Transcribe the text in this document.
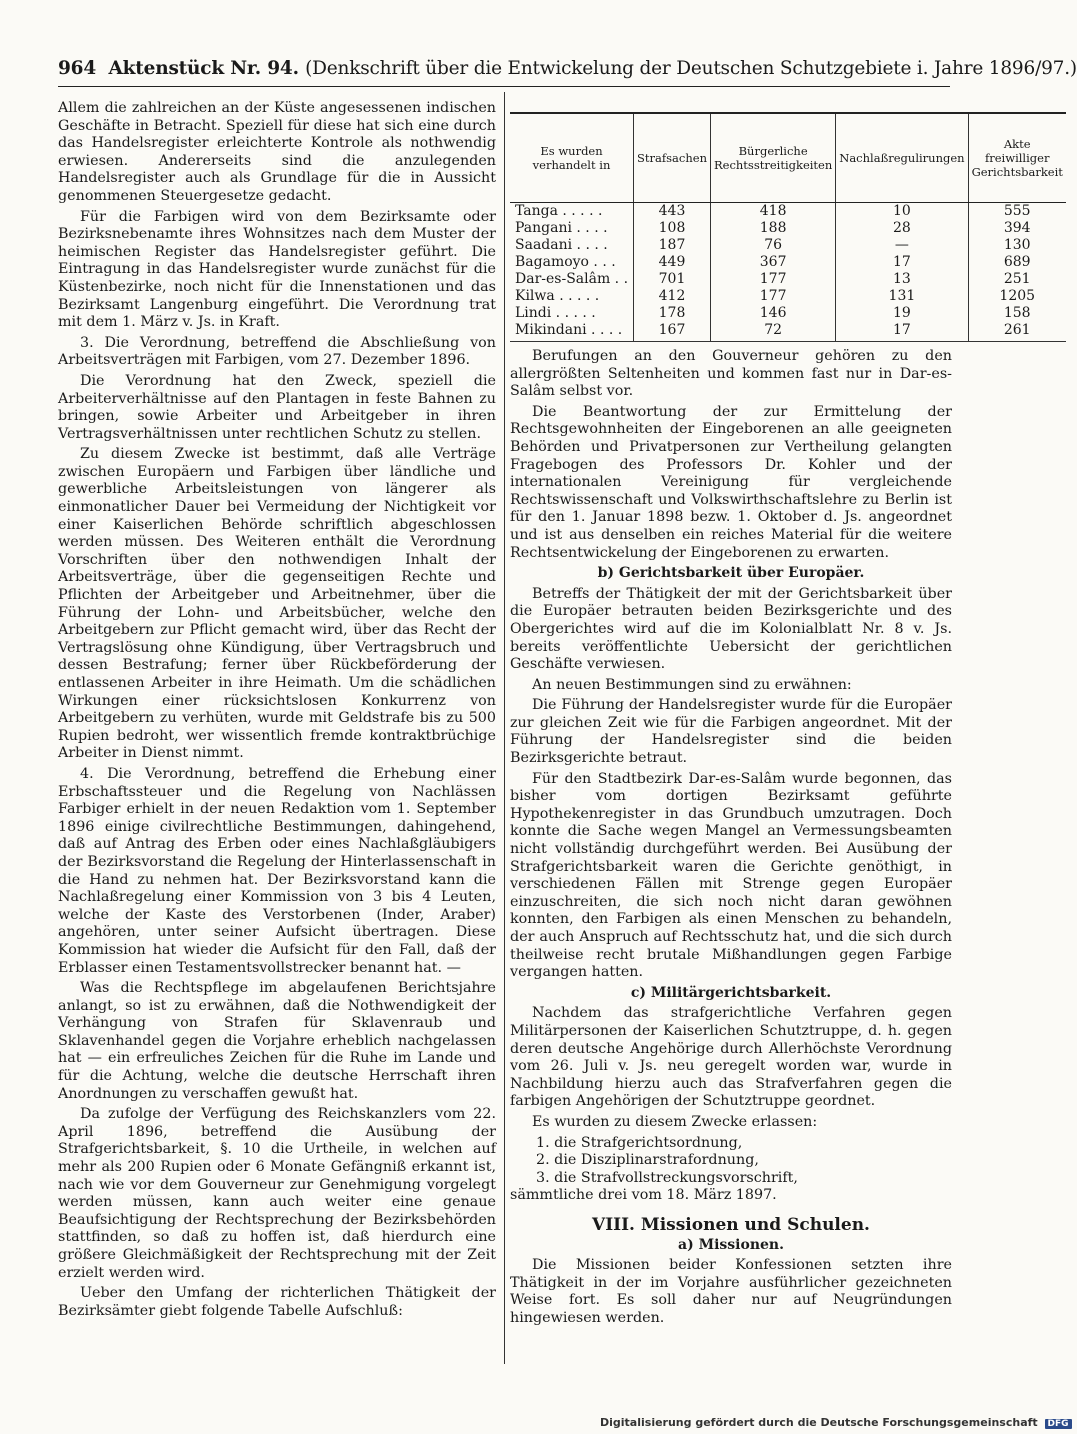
964 Aktenstück Nr. 94. (Denkschrift über die Entwickelung der Deutschen Schutzgebiete i. Jahre 1896/97.)

Allem die zahlreichen an der Küste angesessenen indischen Geschäfte in Betracht. Speziell für diese hat sich eine durch das Handelsregister erleichterte Kontrole als nothwendig erwiesen. Andererseits sind die anzulegenden Handelsregister auch als Grundlage für die in Aussicht genommenen Steuergesetze gedacht.

Für die Farbigen wird von dem Bezirksamte oder Bezirksnebenamte ihres Wohnsitzes nach dem Muster der heimischen Register das Handelsregister geführt. Die Eintragung in das Handelsregister wurde zunächst für die Küstenbezirke, noch nicht für die Innenstationen und das Bezirksamt Langenburg eingeführt. Die Verordnung trat mit dem 1. März v. Js. in Kraft.

3. Die Verordnung, betreffend die Abschließung von Arbeitsverträgen mit Farbigen, vom 27. Dezember 1896.

Die Verordnung hat den Zweck, speziell die Arbeiterverhältnisse auf den Plantagen in feste Bahnen zu bringen, sowie Arbeiter und Arbeitgeber in ihren Vertragsverhältnissen unter rechtlichen Schutz zu stellen.

Zu diesem Zwecke ist bestimmt, daß alle Verträge zwischen Europäern und Farbigen über ländliche und gewerbliche Arbeitsleistungen von längerer als einmonatlicher Dauer bei Vermeidung der Nichtigkeit vor einer Kaiserlichen Behörde schriftlich abgeschlossen werden müssen. Des Weiteren enthält die Verordnung Vorschriften über den nothwendigen Inhalt der Arbeitsverträge, über die gegenseitigen Rechte und Pflichten der Arbeitgeber und Arbeitnehmer, über die Führung der Lohn- und Arbeitsbücher, welche den Arbeitgebern zur Pflicht gemacht wird, über das Recht der Vertragslösung ohne Kündigung, über Vertragsbruch und dessen Bestrafung; ferner über Rückbeförderung der entlassenen Arbeiter in ihre Heimath. Um die schädlichen Wirkungen einer rücksichtslosen Konkurrenz von Arbeitgebern zu verhüten, wurde mit Geldstrafe bis zu 500 Rupien bedroht, wer wissentlich fremde kontraktbrüchige Arbeiter in Dienst nimmt.

4. Die Verordnung, betreffend die Erhebung einer Erbschaftssteuer und die Regelung von Nachlässen Farbiger erhielt in der neuen Redaktion vom 1. September 1896 einige civilrechtliche Bestimmungen, dahingehend, daß auf Antrag des Erben oder eines Nachlaßgläubigers der Bezirksvorstand die Regelung der Hinterlassenschaft in die Hand zu nehmen hat. Der Bezirksvorstand kann die Nachlaßregelung einer Kommission von 3 bis 4 Leuten, welche der Kaste des Verstorbenen (Inder, Araber) angehören, unter seiner Aufsicht übertragen. Diese Kommission hat wieder die Aufsicht für den Fall, daß der Erblasser einen Testamentsvollstrecker benannt hat. —

Was die Rechtspflege im abgelaufenen Berichtsjahre anlangt, so ist zu erwähnen, daß die Nothwendigkeit der Verhängung von Strafen für Sklavenraub und Sklavenhandel gegen die Vorjahre erheblich nachgelassen hat — ein erfreuliches Zeichen für die Ruhe im Lande und für die Achtung, welche die deutsche Herrschaft ihren Anordnungen zu verschaffen gewußt hat.

Da zufolge der Verfügung des Reichskanzlers vom 22. April 1896, betreffend die Ausübung der Strafgerichtsbarkeit, §. 10 die Urtheile, in welchen auf mehr als 200 Rupien oder 6 Monate Gefängniß erkannt ist, nach wie vor dem Gouverneur zur Genehmigung vorgelegt werden müssen, kann auch weiter eine genaue Beaufsichtigung der Rechtsprechung der Bezirksbehörden stattfinden, so daß zu hoffen ist, daß hierdurch eine größere Gleichmäßigkeit der Rechtsprechung mit der Zeit erzielt werden wird.

Ueber den Umfang der richterlichen Thätigkeit der Bezirksämter giebt folgende Tabelle Aufschluß:

Es wurden verhandelt in	Strafsachen	Bürgerliche Rechtsstreitigkeiten	Nachlaßregulirungen	Akte freiwilliger Gerichtsbarkeit
Tanga . . . . .	443	418	10	555
Pangani . . . .	108	188	28	394
Saadani . . . .	187	76	—	130
Bagamoyo . . .	449	367	17	689
Dar-es-Salâm . .	701	177	13	251
Kilwa . . . . .	412	177	131	1205
Lindi . . . . .	178	146	19	158
Mikindani . . . .	167	72	17	261

Berufungen an den Gouverneur gehören zu den allergrößten Seltenheiten und kommen fast nur in Dar-es-Salâm selbst vor.

Die Beantwortung der zur Ermittelung der Rechtsgewohnheiten der Eingeborenen an alle geeigneten Behörden und Privatpersonen zur Vertheilung gelangten Fragebogen des Professors Dr. Kohler und der internationalen Vereinigung für vergleichende Rechtswissenschaft und Volkswirthschaftslehre zu Berlin ist für den 1. Januar 1898 bezw. 1. Oktober d. Js. angeordnet und ist aus denselben ein reiches Material für die weitere Rechtsentwickelung der Eingeborenen zu erwarten.

b) Gerichtsbarkeit über Europäer.

Betreffs der Thätigkeit der mit der Gerichtsbarkeit über die Europäer betrauten beiden Bezirksgerichte und des Obergerichtes wird auf die im Kolonialblatt Nr. 8 v. Js. bereits veröffentlichte Uebersicht der gerichtlichen Geschäfte verwiesen.

An neuen Bestimmungen sind zu erwähnen:

Die Führung der Handelsregister wurde für die Europäer zur gleichen Zeit wie für die Farbigen angeordnet. Mit der Führung der Handelsregister sind die beiden Bezirksgerichte betraut.

Für den Stadtbezirk Dar-es-Salâm wurde begonnen, das bisher vom dortigen Bezirksamt geführte Hypothekenregister in das Grundbuch umzutragen. Doch konnte die Sache wegen Mangel an Vermessungsbeamten nicht vollständig durchgeführt werden. Bei Ausübung der Strafgerichtsbarkeit waren die Gerichte genöthigt, in verschiedenen Fällen mit Strenge gegen Europäer einzuschreiten, die sich noch nicht daran gewöhnen konnten, den Farbigen als einen Menschen zu behandeln, der auch Anspruch auf Rechtsschutz hat, und die sich durch theilweise recht brutale Mißhandlungen gegen Farbige vergangen hatten.

c) Militärgerichtsbarkeit.

Nachdem das strafgerichtliche Verfahren gegen Militärpersonen der Kaiserlichen Schutztruppe, d. h. gegen deren deutsche Angehörige durch Allerhöchste Verordnung vom 26. Juli v. Js. neu geregelt worden war, wurde in Nachbildung hierzu auch das Strafverfahren gegen die farbigen Angehörigen der Schutztruppe geordnet.

Es wurden zu diesem Zwecke erlassen:

1. die Strafgerichtsordnung,

2. die Disziplinarstrafordnung,

3. die Strafvollstreckungsvorschrift,

sämmtliche drei vom 18. März 1897.

VIII. Missionen und Schulen.
a) Missionen.

Die Missionen beider Konfessionen setzten ihre Thätigkeit in der im Vorjahre ausführlicher gezeichneten Weise fort. Es soll daher nur auf Neugründungen hingewiesen werden.

Digitalisierung gefördert durch die Deutsche Forschungsgemeinschaft DFG
